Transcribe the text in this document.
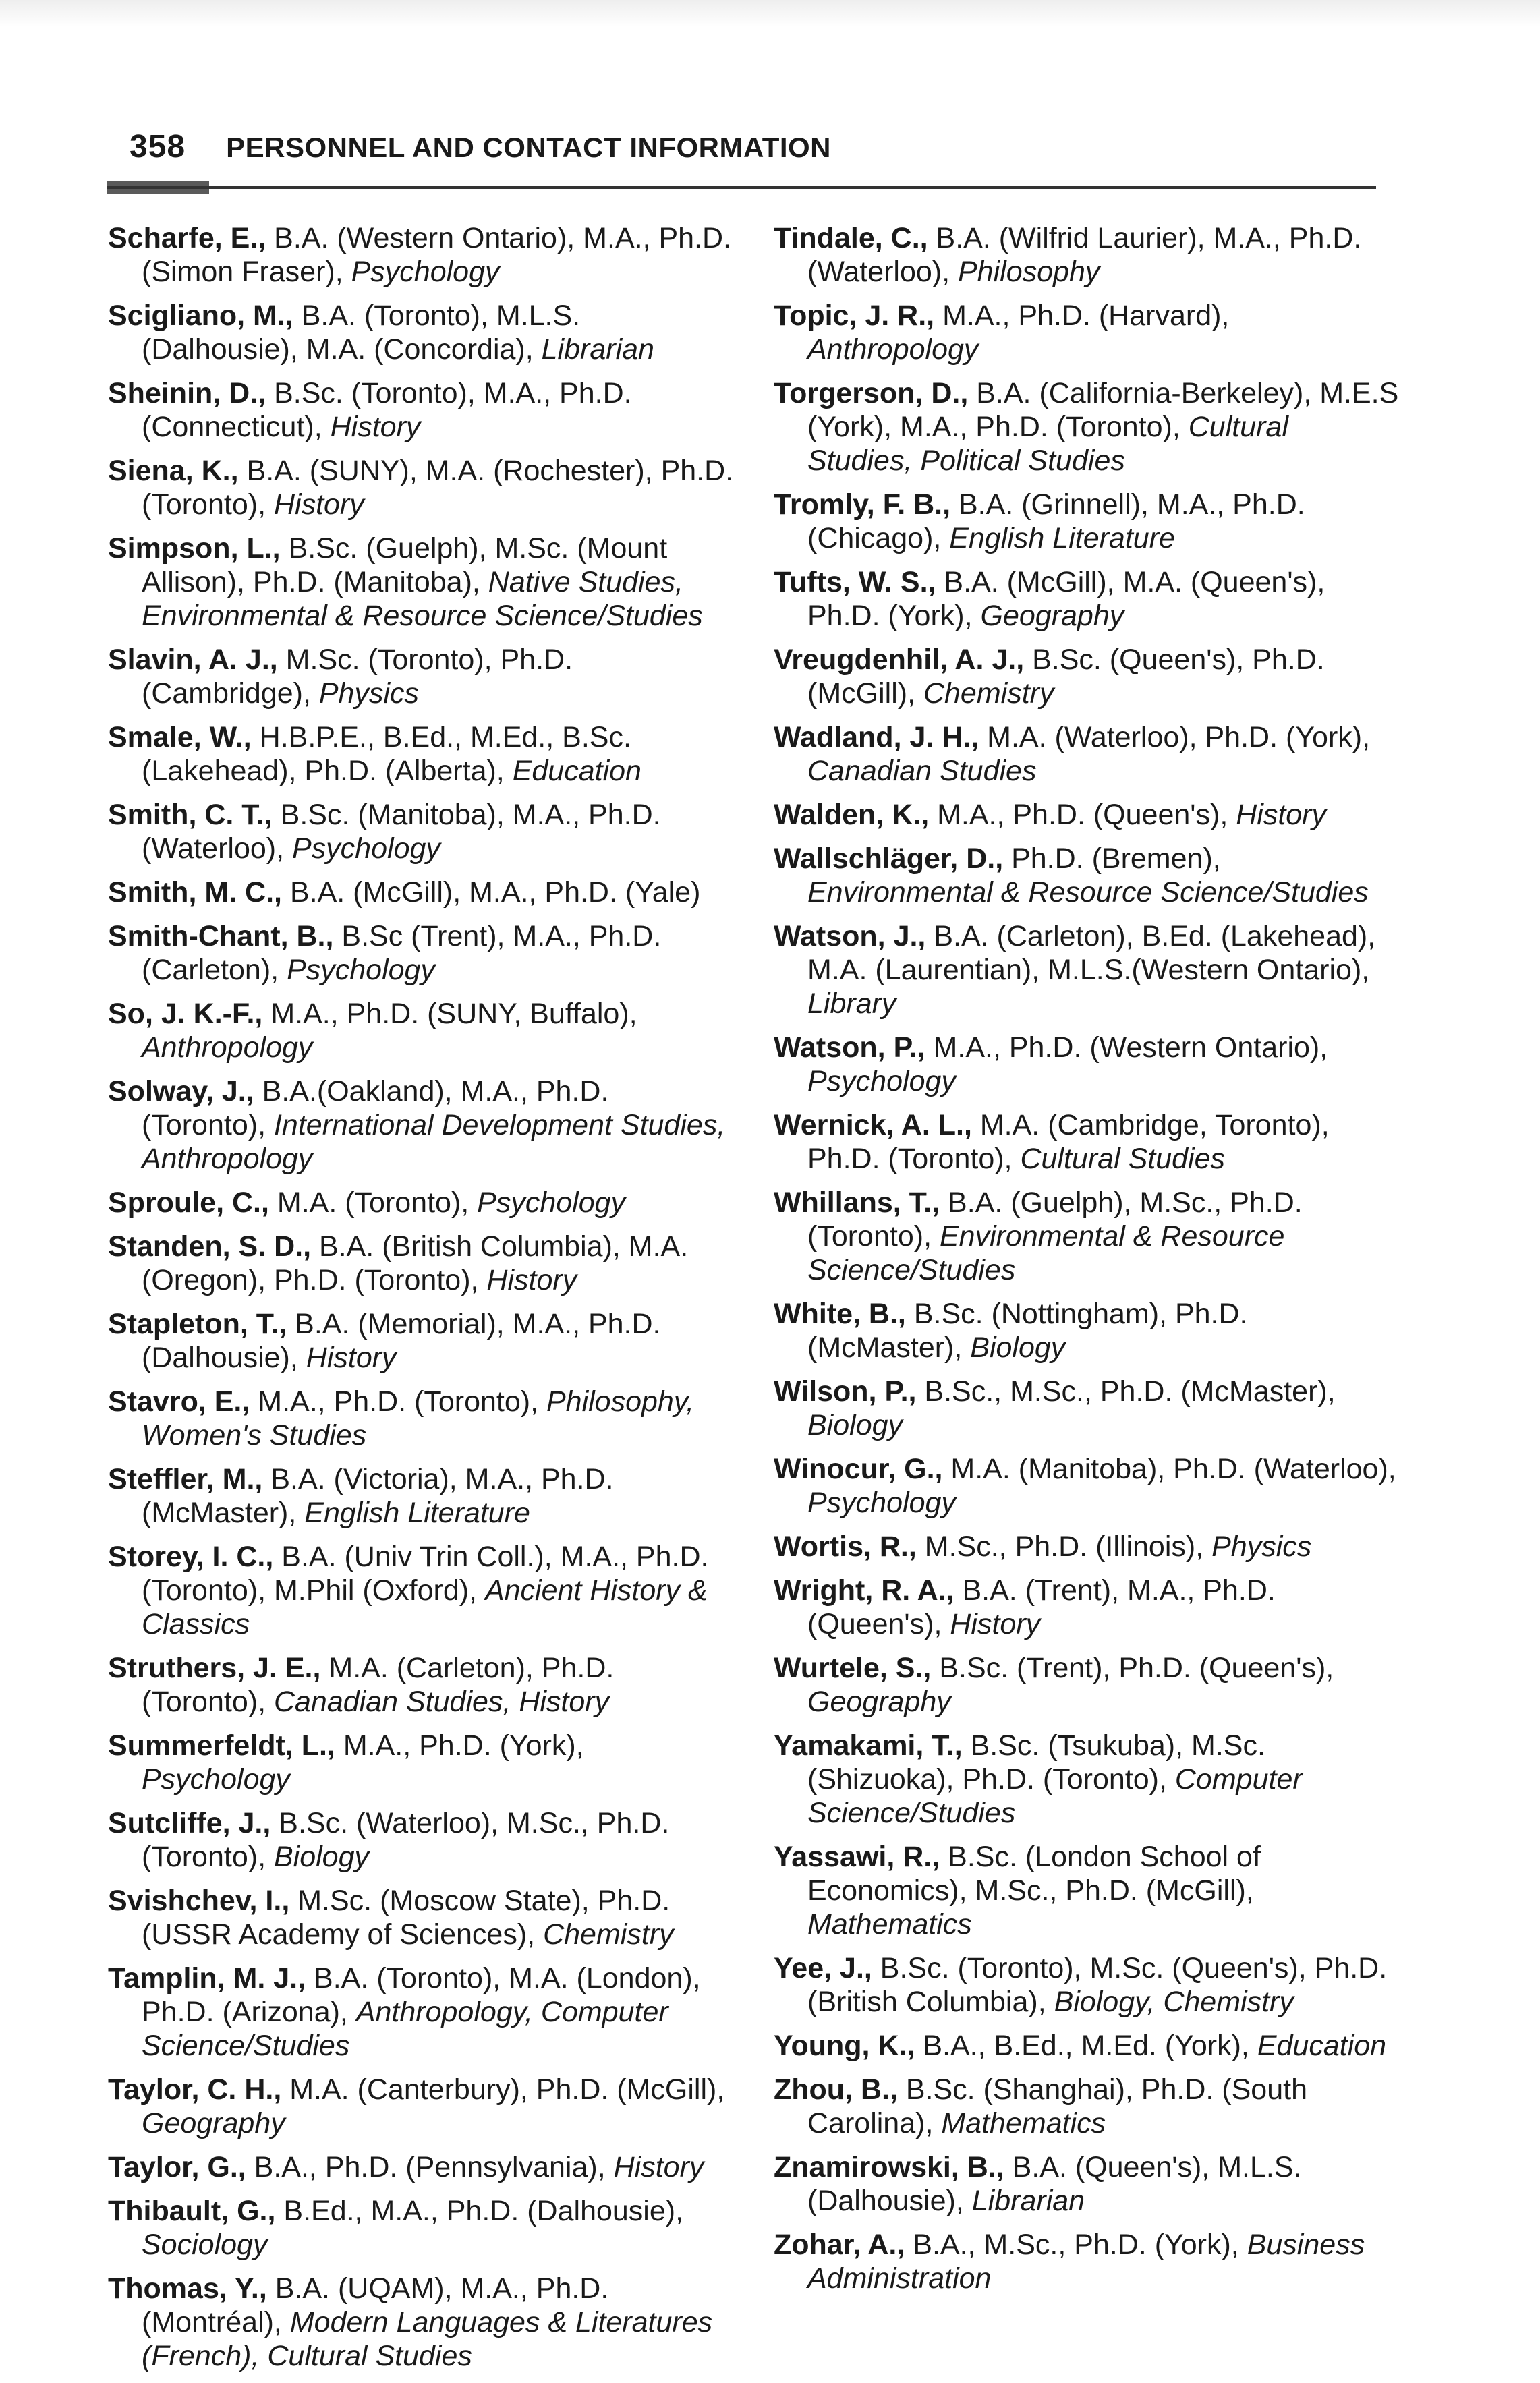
358 PERSONNEL AND CONTACT INFORMATION
Scharfe, E., B.A. (Western Ontario), M.A., Ph.D. (Simon Fraser), Psychology
Scigliano, M., B.A. (Toronto), M.L.S. (Dalhousie), M.A. (Concordia), Librarian
Sheinin, D., B.Sc. (Toronto), M.A., Ph.D. (Connecticut), History
Siena, K., B.A. (SUNY), M.A. (Rochester), Ph.D. (Toronto), History
Simpson, L., B.Sc. (Guelph), M.Sc. (Mount Allison), Ph.D. (Manitoba), Native Studies, Environmental & Resource Science/Studies
Slavin, A. J., M.Sc. (Toronto), Ph.D. (Cambridge), Physics
Smale, W., H.B.P.E., B.Ed., M.Ed., B.Sc. (Lakehead), Ph.D. (Alberta), Education
Smith, C. T., B.Sc. (Manitoba), M.A., Ph.D. (Waterloo), Psychology
Smith, M. C., B.A. (McGill), M.A., Ph.D. (Yale)
Smith-Chant, B., B.Sc (Trent), M.A., Ph.D. (Carleton), Psychology
So, J. K.-F., M.A., Ph.D. (SUNY, Buffalo), Anthropology
Solway, J., B.A.(Oakland), M.A., Ph.D. (Toronto), International Development Studies, Anthropology
Sproule, C., M.A. (Toronto), Psychology
Standen, S. D., B.A. (British Columbia), M.A. (Oregon), Ph.D. (Toronto), History
Stapleton, T., B.A. (Memorial), M.A., Ph.D. (Dalhousie), History
Stavro, E., M.A., Ph.D. (Toronto), Philosophy, Women's Studies
Steffler, M., B.A. (Victoria), M.A., Ph.D. (McMaster), English Literature
Storey, I. C., B.A. (Univ Trin Coll.), M.A., Ph.D. (Toronto), M.Phil (Oxford), Ancient History & Classics
Struthers, J. E., M.A. (Carleton), Ph.D. (Toronto), Canadian Studies, History
Summerfeldt, L., M.A., Ph.D. (York), Psychology
Sutcliffe, J., B.Sc. (Waterloo), M.Sc., Ph.D. (Toronto), Biology
Svishchev, I., M.Sc. (Moscow State), Ph.D. (USSR Academy of Sciences), Chemistry
Tamplin, M. J., B.A. (Toronto), M.A. (London), Ph.D. (Arizona), Anthropology, Computer Science/Studies
Taylor, C. H., M.A. (Canterbury), Ph.D. (McGill), Geography
Taylor, G., B.A., Ph.D. (Pennsylvania), History
Thibault, G., B.Ed., M.A., Ph.D. (Dalhousie), Sociology
Thomas, Y., B.A. (UQAM), M.A., Ph.D. (Montréal), Modern Languages & Literatures (French), Cultural Studies
Tindale, C., B.A. (Wilfrid Laurier), M.A., Ph.D. (Waterloo), Philosophy
Topic, J. R., M.A., Ph.D. (Harvard), Anthropology
Torgerson, D., B.A. (California-Berkeley), M.E.S (York), M.A., Ph.D. (Toronto), Cultural Studies, Political Studies
Tromly, F. B., B.A. (Grinnell), M.A., Ph.D. (Chicago), English Literature
Tufts, W. S., B.A. (McGill), M.A. (Queen's), Ph.D. (York), Geography
Vreugdenhil, A. J., B.Sc. (Queen's), Ph.D. (McGill), Chemistry
Wadland, J. H., M.A. (Waterloo), Ph.D. (York), Canadian Studies
Walden, K., M.A., Ph.D. (Queen's), History
Wallschläger, D., Ph.D. (Bremen), Environmental & Resource Science/Studies
Watson, J., B.A. (Carleton), B.Ed. (Lakehead), M.A. (Laurentian), M.L.S.(Western Ontario), Library
Watson, P., M.A., Ph.D. (Western Ontario), Psychology
Wernick, A. L., M.A. (Cambridge, Toronto), Ph.D. (Toronto), Cultural Studies
Whillans, T., B.A. (Guelph), M.Sc., Ph.D. (Toronto), Environmental & Resource Science/Studies
White, B., B.Sc. (Nottingham), Ph.D. (McMaster), Biology
Wilson, P., B.Sc., M.Sc., Ph.D. (McMaster), Biology
Winocur, G., M.A. (Manitoba), Ph.D. (Waterloo), Psychology
Wortis, R., M.Sc., Ph.D. (Illinois), Physics
Wright, R. A., B.A. (Trent), M.A., Ph.D. (Queen's), History
Wurtele, S., B.Sc. (Trent), Ph.D. (Queen's), Geography
Yamakami, T., B.Sc. (Tsukuba), M.Sc. (Shizuoka), Ph.D. (Toronto), Computer Science/Studies
Yassawi, R., B.Sc. (London School of Economics), M.Sc., Ph.D. (McGill), Mathematics
Yee, J., B.Sc. (Toronto), M.Sc. (Queen's), Ph.D. (British Columbia), Biology, Chemistry
Young, K., B.A., B.Ed., M.Ed. (York), Education
Zhou, B., B.Sc. (Shanghai), Ph.D. (South Carolina), Mathematics
Znamirowski, B., B.A. (Queen's), M.L.S. (Dalhousie), Librarian
Zohar, A., B.A., M.Sc., Ph.D. (York), Business Administration
